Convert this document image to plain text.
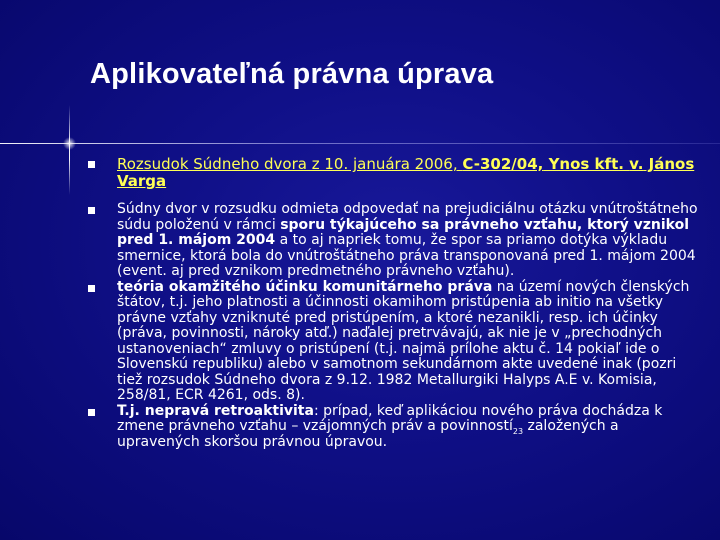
Aplikovateľná právna úprava
Rozsudok Súdneho dvora z 10. januára 2006, C-302/04, Ynos kft. v. János Varga
Súdny dvor v rozsudku odmieta odpovedať na prejudiciálnu otázku vnútroštátneho súdu položenú v rámci sporu týkajúceho sa právneho vzťahu, ktorý vznikol pred 1. májom 2004 a to aj napriek tomu, že spor sa priamo dotýka výkladu smernice, ktorá bola do vnútroštátneho práva transponovaná pred 1. májom 2004 (event. aj pred vznikom predmetného právneho vzťahu).
teória okamžitého účinku komunitárneho práva na území nových členských štátov, t.j. jeho platnosti a účinnosti okamihom pristúpenia ab initio na všetky právne vzťahy vzniknuté pred pristúpením, a ktoré nezanikli, resp. ich účinky (práva, povinnosti, nároky atď.) naďalej pretrvávajú, ak nie je v „prechodných ustanoveniach“ zmluvy o pristúpení (t.j. najmä prílohe aktu č. 14 pokiaľ ide o Slovenskú republiku) alebo v samotnom sekundárnom akte uvedené inak (pozri tiež rozsudok Súdneho dvora z 9.12. 1982 Metallurgiki Halyps A.E v. Komisia, 258/81, ECR 4261, ods. 8).
T.j. nepravá retroaktivita: prípad, keď aplikáciou nového práva dochádza k zmene právneho vzťahu – vzájomných práv a povinností$_{23}$ založených a upravených skoršou právnou úpravou.
